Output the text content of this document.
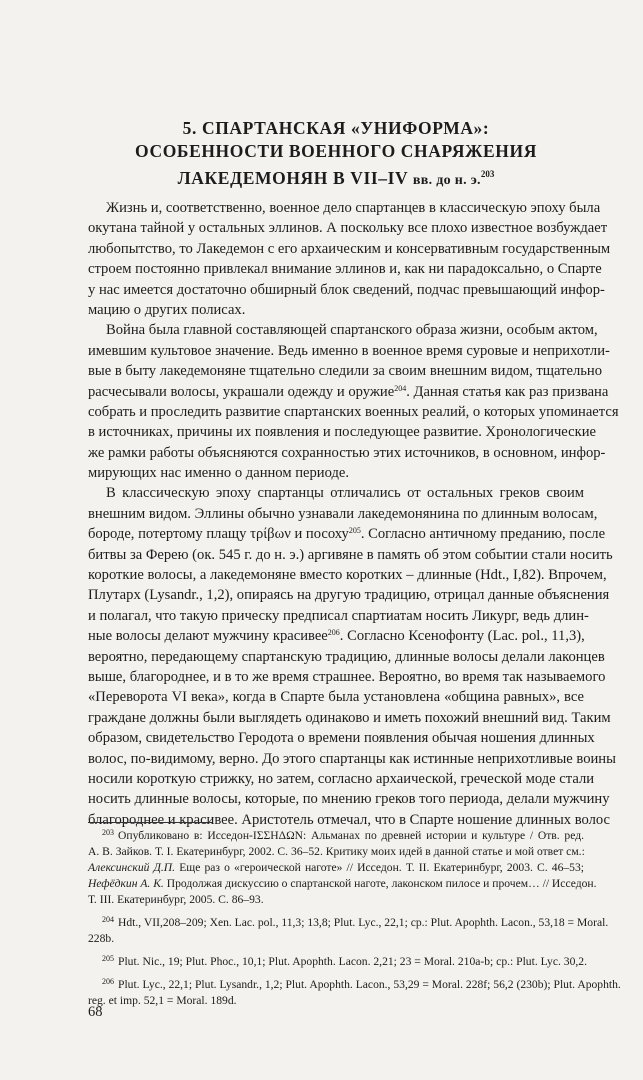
5. СПАРТАНСКАЯ «УНИФОРМА»:
ОСОБЕННОСТИ ВОЕННОГО СНАРЯЖЕНИЯ
ЛАКЕДЕМОНЯН В VII–IV вв. до н. э.$^{203}$
Жизнь и, соответственно, военное дело спартанцев в классическую эпоху была
окутана тайной у остальных эллинов. А поскольку все плохо известное возбуждает
любопытство, то Лакедемон с его архаическим и консервативным государственным
строем постоянно привлекал внимание эллинов и, как ни парадоксально, о Спарте
у нас имеется достаточно обширный блок сведений, подчас превышающий инфор-
мацию о других полисах.
Война была главной составляющей спартанского образа жизни, особым актом,
имевшим культовое значение. Ведь именно в военное время суровые и неприхотли-
вые в быту лакедемоняне тщательно следили за своим внешним видом, тщательно
расчесывали волосы, украшали одежду и оружие$^{204}$. Данная статья как раз призвана
собрать и проследить развитие спартанских военных реалий, о которых упоминается
в источниках, причины их появления и последующее развитие. Хронологические
же рамки работы объясняются сохранностью этих источников, в основном, инфор-
мирующих нас именно о данном периоде.
В классическую эпоху спартанцы отличались от остальных греков своим
внешним видом. Эллины обычно узнавали лакедемонянина по длинным волосам,
бороде, потертому плащу τρίβων и посоху$^{205}$. Согласно античному преданию, после
битвы за Ферею (ок. 545 г. до н. э.) аргивяне в память об этом событии стали носить
короткие волосы, а лакедемоняне вместо коротких – длинные (Hdt., I,82). Впрочем,
Плутарх (Lysandr., 1,2), опираясь на другую традицию, отрицал данные объяснения
и полагал, что такую прическу предписал спартиатам носить Ликург, ведь длин-
ные волосы делают мужчину красивее$^{206}$. Согласно Ксенофонту (Lac. pol., 11,3),
вероятно, передающему спартанскую традицию, длинные волосы делали лаконцев
выше, благороднее, и в то же время страшнее. Вероятно, во время так называемого
«Переворота VI века», когда в Спарте была установлена «община равных», все
граждане должны были выглядеть одинаково и иметь похожий внешний вид. Таким
образом, свидетельство Геродота о времени появления обычая ношения длинных
волос, по-видимому, верно. До этого спартанцы как истинные неприхотливые воины
носили короткую стрижку, но затем, согласно архаической, греческой моде стали
носить длинные волосы, которые, по мнению греков того периода, делали мужчину
благороднее и красивее. Аристотель отмечал, что в Спарте ношение длинных волос
$^{203}$ Опубликовано в: Исседон-ΙΣΣΗΔΩΝ: Альманах по древней истории и культуре / Отв. ред.
А. В. Зайков. Т. I. Екатеринбург, 2002. С. 36–52. Критику моих идей в данной статье и мой ответ см.:
Алексинский Д.П. Еще раз о «героической наготе» // Исседон. Т. II. Екатеринбург, 2003. С. 46–53;
Нефёдкин А. К. Продолжая дискуссию о спартанской наготе, лаконском пилосе и прочем… // Исседон.
Т. III. Екатеринбург, 2005. С. 86–93.
$^{204}$ Hdt., VII,208–209; Xen. Lac. pol., 11,3; 13,8; Plut. Lyc., 22,1; ср.: Plut. Apophth. Lacon., 53,18 = Moral.
228b.
$^{205}$ Plut. Nic., 19; Plut. Phoc., 10,1; Plut. Apophth. Lacon. 2,21; 23 = Moral. 210a-b; ср.: Plut. Lyc. 30,2.
$^{206}$ Plut. Lyc., 22,1; Plut. Lysandr., 1,2; Plut. Apophth. Lacon., 53,29 = Moral. 228f; 56,2 (230b); Plut. Apophth.
reg. et imp. 52,1 = Moral. 189d.
68
